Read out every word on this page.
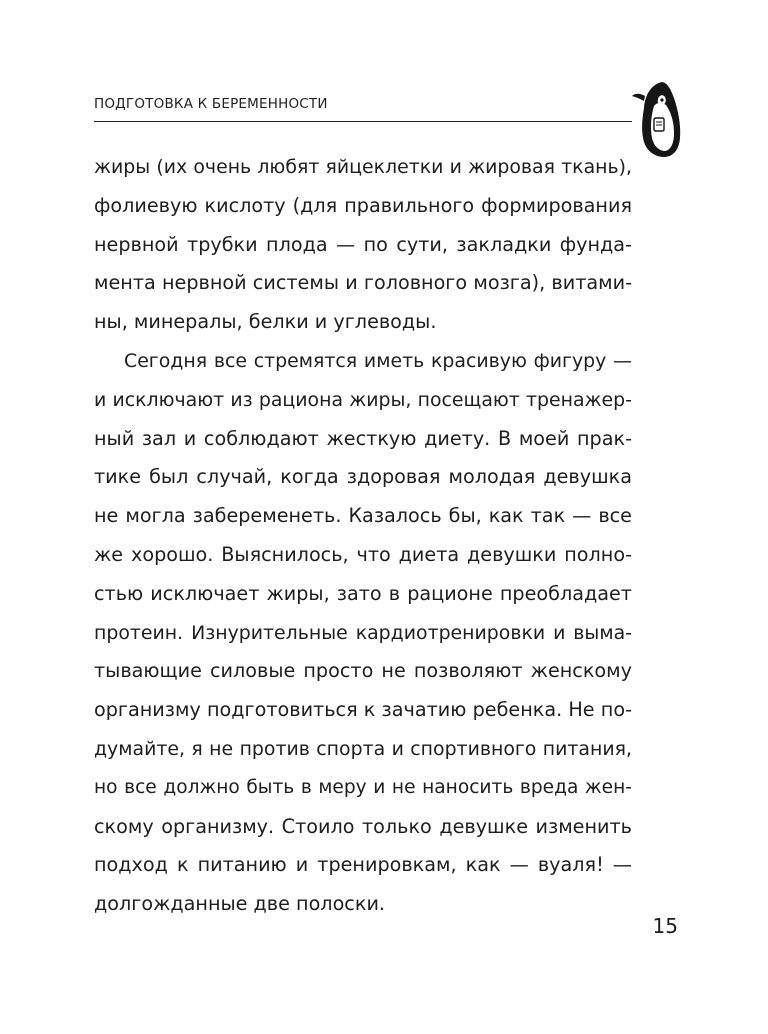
ПОДГОТОВКА К БЕРЕМЕННОСТИ
жиры (их очень любят яйцеклетки и жировая ткань),
фолиевую кислоту (для правильного формирования
нервной трубки плода — по сути, закладки фунда-
мента нервной системы и головного мозга), витами-
ны, минералы, белки и углеводы.
Сегодня все стремятся иметь красивую фигуру —
и исключают из рациона жиры, посещают тренажер-
ный зал и соблюдают жесткую диету. В моей прак-
тике был случай, когда здоровая молодая девушка
не могла забеременеть. Казалось бы, как так — все
же хорошо. Выяснилось, что диета девушки полно-
стью исключает жиры, зато в рационе преобладает
протеин. Изнурительные кардиотренировки и выма-
тывающие силовые просто не позволяют женскому
организму подготовиться к зачатию ребенка. Не по-
думайте, я не против спорта и спортивного питания,
но все должно быть в меру и не наносить вреда жен-
скому организму. Стоило только девушке изменить
подход к питанию и тренировкам, как — вуаля! —
долгожданные две полоски.
15
